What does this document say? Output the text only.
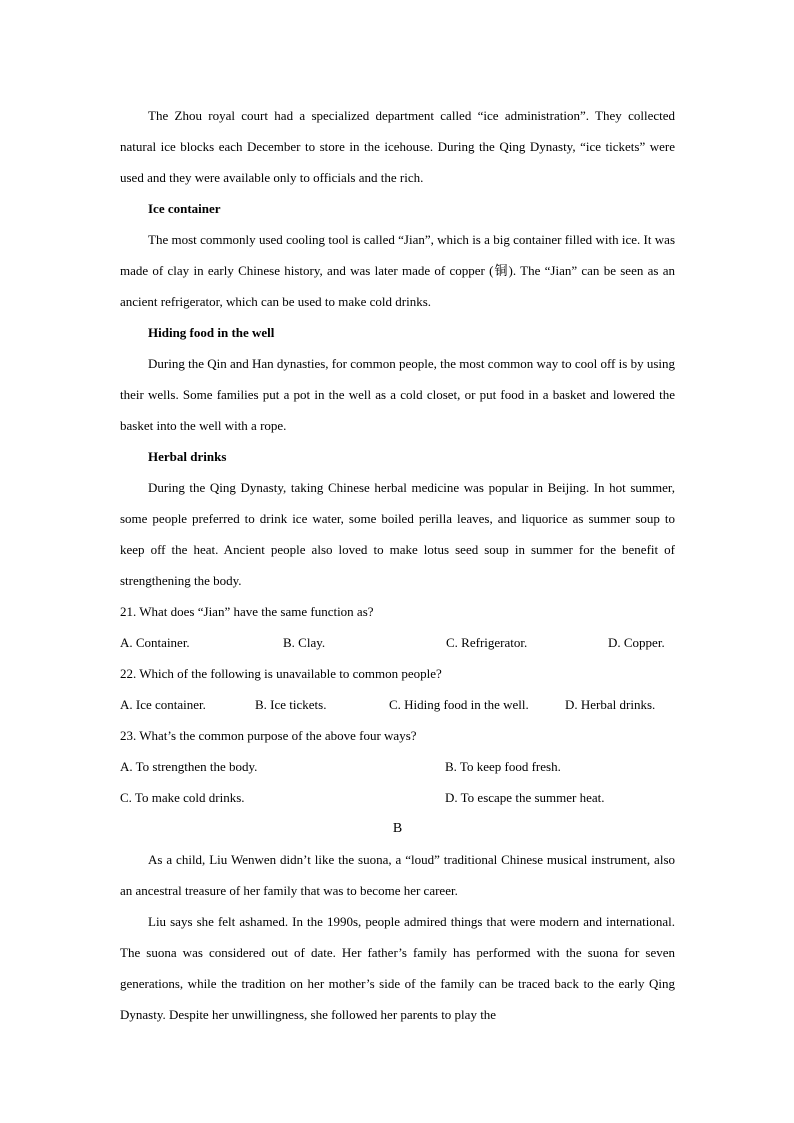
The Zhou royal court had a specialized department called “ice administration”. They collected natural ice blocks each December to store in the icehouse. During the Qing Dynasty, “ice tickets” were used and they were available only to officials and the rich.

Ice container

The most commonly used cooling tool is called “Jian”, which is a big container filled with ice. It was made of clay in early Chinese history, and was later made of copper (铜). The “Jian” can be seen as an ancient refrigerator, which can be used to make cold drinks.

Hiding food in the well

During the Qin and Han dynasties, for common people, the most common way to cool off is by using their wells. Some families put a pot in the well as a cold closet, or put food in a basket and lowered the basket into the well with a rope.

Herbal drinks

During the Qing Dynasty, taking Chinese herbal medicine was popular in Beijing. In hot summer, some people preferred to drink ice water, some boiled perilla leaves, and liquorice as summer soup to keep off the heat. Ancient people also loved to make lotus seed soup in summer for the benefit of strengthening the body.

21. What does “Jian” have the same function as?

A. Container.	B. Clay.	C. Refrigerator.	D. Copper.

22. Which of the following is unavailable to common people?

A. Ice container.	B. Ice tickets.	C. Hiding food in the well.	D. Herbal drinks.

23. What’s the common purpose of the above four ways?

A. To strengthen the body.	B. To keep food fresh.
C. To make cold drinks.	D. To escape the summer heat.
B

As a child, Liu Wenwen didn’t like the suona, a “loud” traditional Chinese musical instrument, also an ancestral treasure of her family that was to become her career.

Liu says she felt ashamed. In the 1990s, people admired things that were modern and international. The suona was considered out of date. Her father’s family has performed with the suona for seven generations, while the tradition on her mother’s side of the family can be traced back to the early Qing Dynasty. Despite her unwillingness, she followed her parents to play the
